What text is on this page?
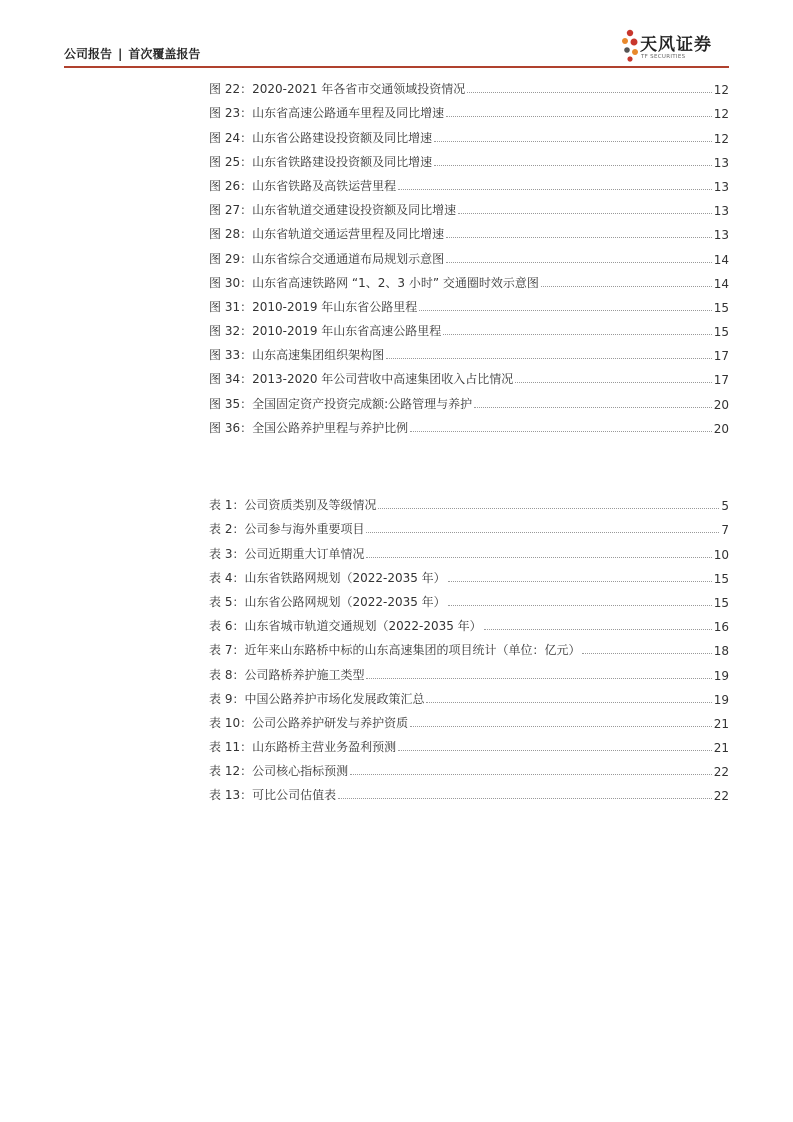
公司报告 | 首次覆盖报告	天风证券
TF SECURITIES
图 22：2020-2021 年各省市交通领域投资情况	12
图 23：山东省高速公路通车里程及同比增速	12
图 24：山东省公路建设投资额及同比增速	12
图 25：山东省铁路建设投资额及同比增速	13
图 26：山东省铁路及高铁运营里程	13
图 27：山东省轨道交通建设投资额及同比增速	13
图 28：山东省轨道交通运营里程及同比增速	13
图 29：山东省综合交通通道布局规划示意图	14
图 30：山东省高速铁路网 “1、2、3 小时” 交通圈时效示意图	14
图 31：2010-2019 年山东省公路里程	15
图 32：2010-2019 年山东省高速公路里程	15
图 33：山东高速集团组织架构图	17
图 34：2013-2020 年公司营收中高速集团收入占比情况	17
图 35：全国固定资产投资完成额:公路管理与养护	20
图 36：全国公路养护里程与养护比例	20
表 1：公司资质类别及等级情况	5
表 2：公司参与海外重要项目	7
表 3：公司近期重大订单情况	10
表 4：山东省铁路网规划（2022-2035 年）	15
表 5：山东省公路网规划（2022-2035 年）	15
表 6：山东省城市轨道交通规划（2022-2035 年）	16
表 7：近年来山东路桥中标的山东高速集团的项目统计（单位：亿元）	18
表 8：公司路桥养护施工类型	19
表 9：中国公路养护市场化发展政策汇总	19
表 10：公司公路养护研发与养护资质	21
表 11：山东路桥主营业务盈利预测	21
表 12：公司核心指标预测	22
表 13：可比公司估值表	22
